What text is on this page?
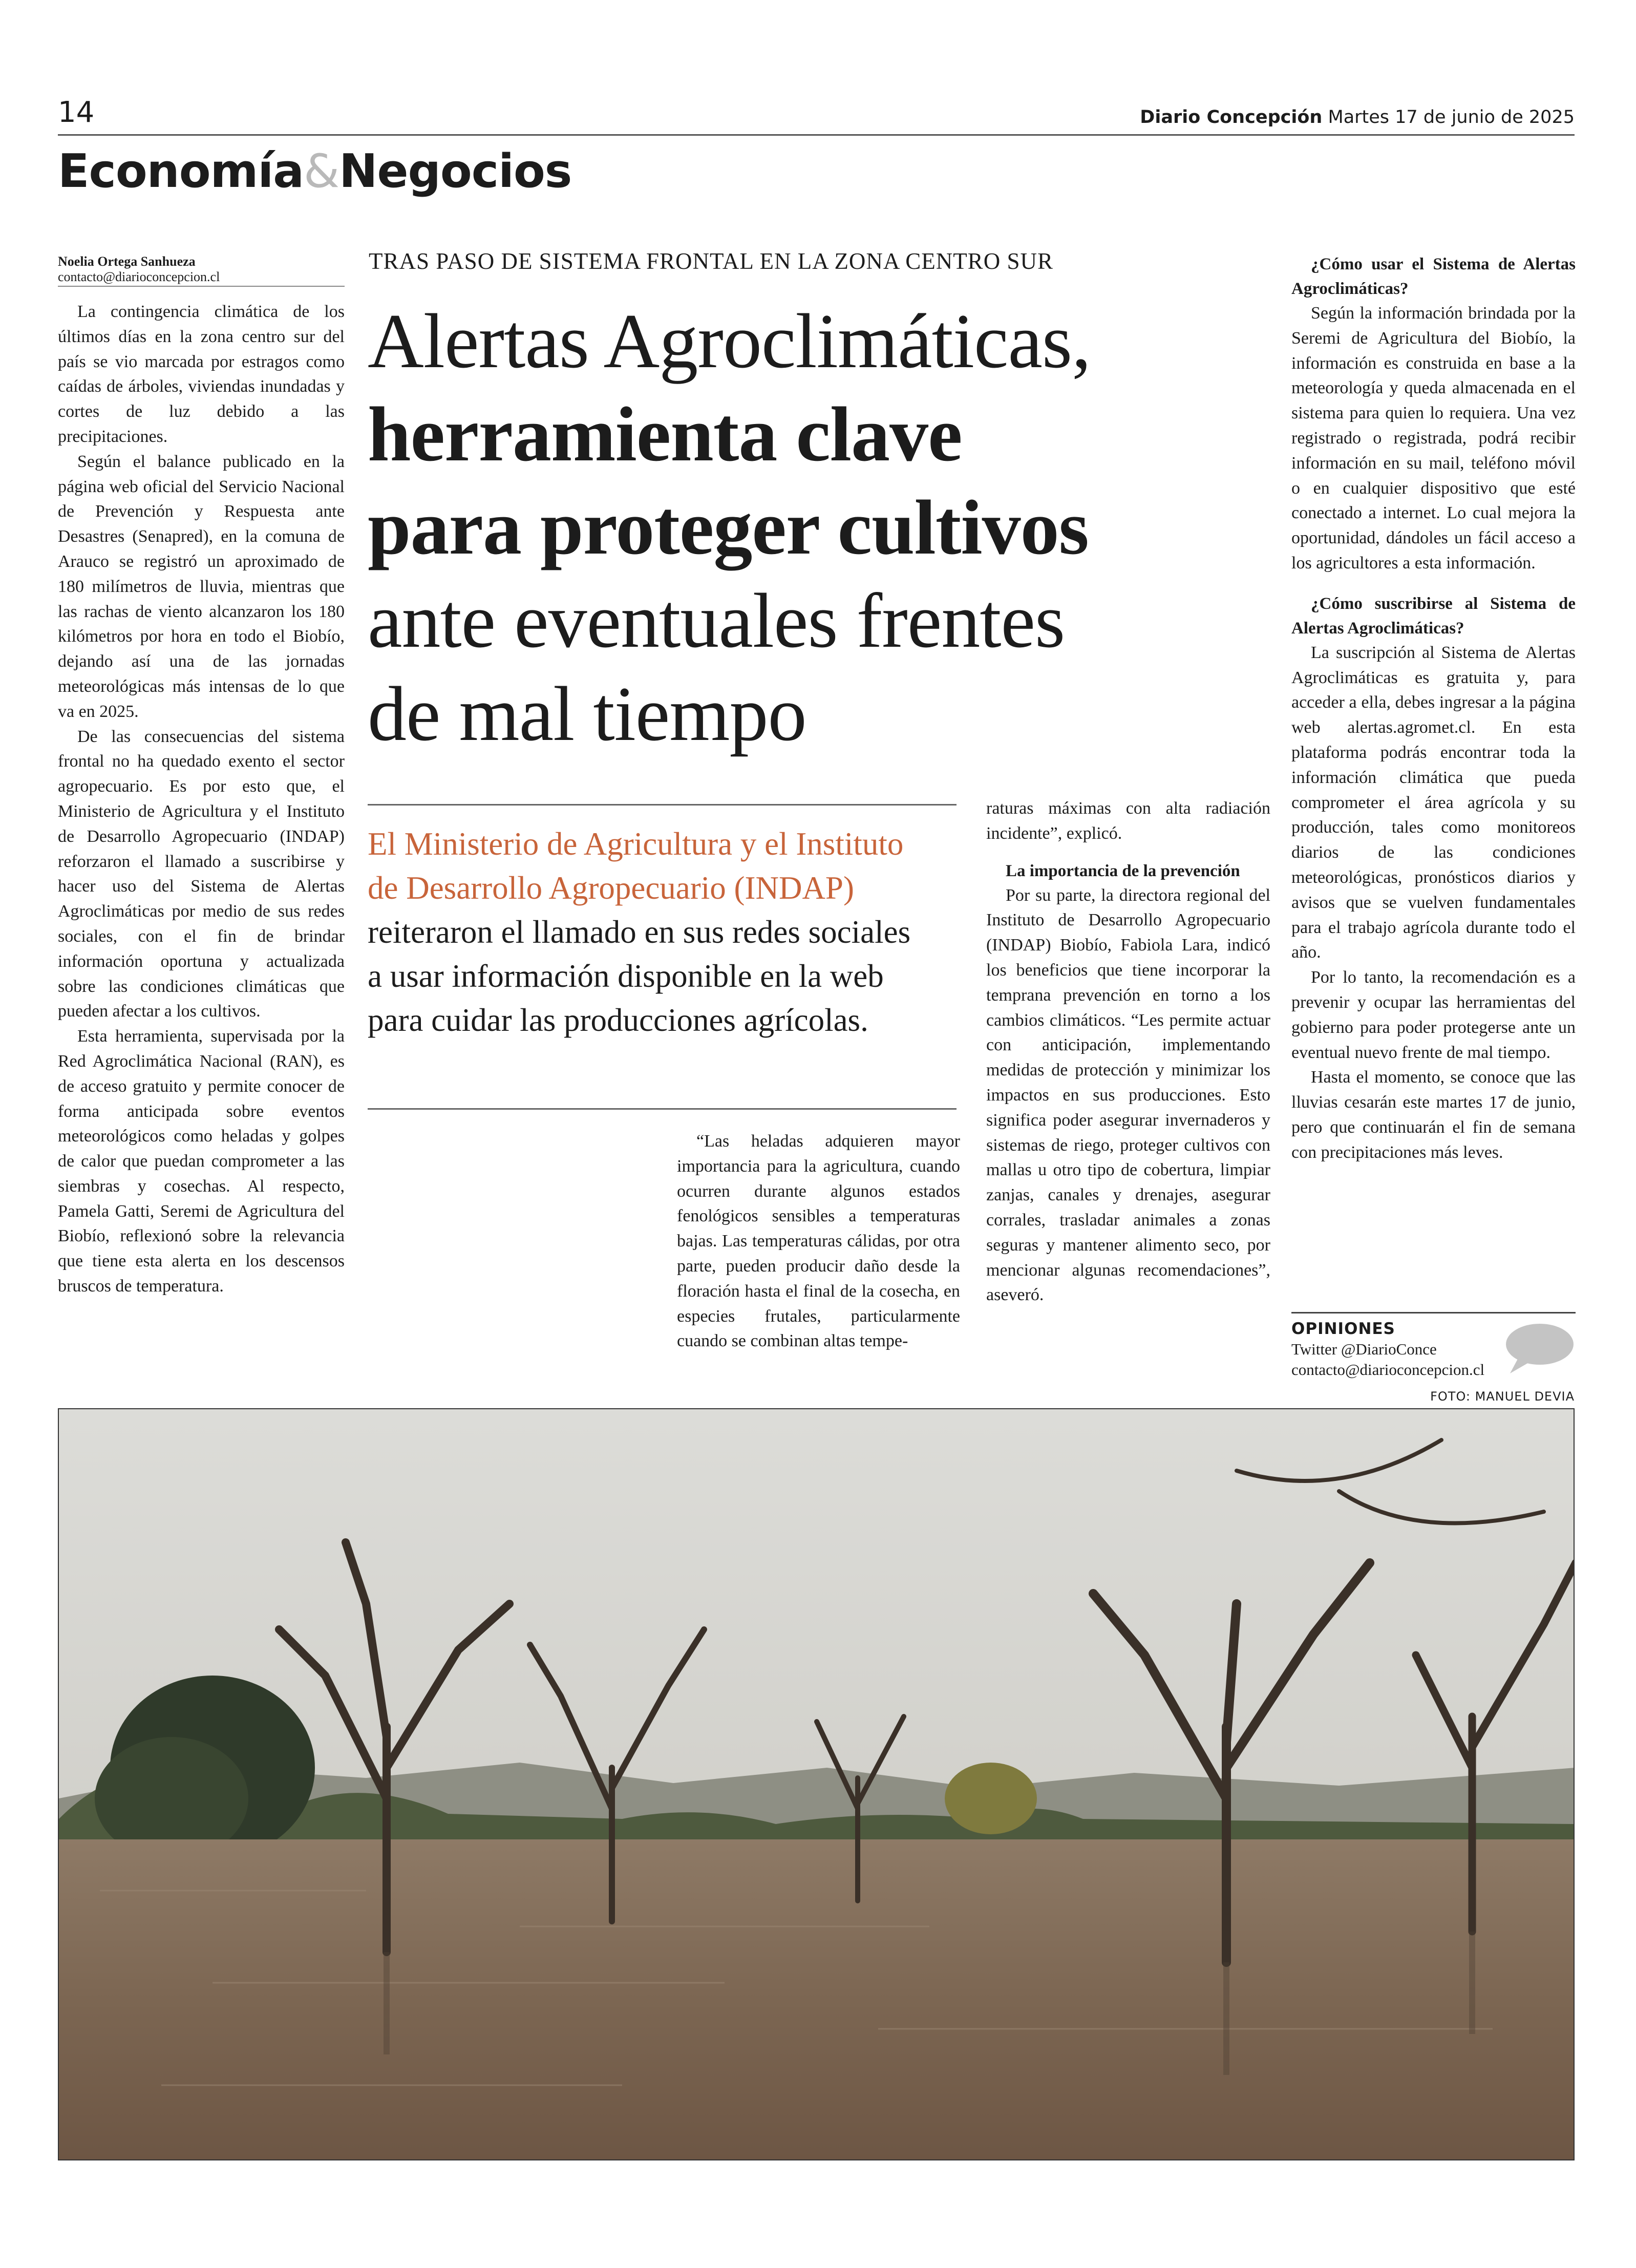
14	Diario Concepción Martes 17 de junio de 2025
Economía&Negocios
Noelia Ortega Sanhueza
contacto@diarioconcepcion.cl

La contingencia climática de los últimos días en la zona centro sur del país se vio marcada por estragos como caídas de árboles, viviendas inundadas y cortes de luz debido a las precipitaciones.

Según el balance publicado en la página web oficial del Servicio Nacional de Prevención y Respuesta ante Desastres (Senapred), en la comuna de Arauco se registró un aproximado de 180 milímetros de lluvia, mientras que las rachas de viento alcanzaron los 180 kilómetros por hora en todo el Biobío, dejando así una de las jornadas meteorológicas más intensas de lo que va en 2025.

De las consecuencias del sistema frontal no ha quedado exento el sector agropecuario. Es por esto que, el Ministerio de Agricultura y el Instituto de Desarrollo Agropecuario (INDAP) reforzaron el llamado a suscribirse y hacer uso del Sistema de Alertas Agroclimáticas por medio de sus redes sociales, con el fin de brindar información oportuna y actualizada sobre las condiciones climáticas que pueden afectar a los cultivos.

Esta herramienta, supervisada por la Red Agroclimática Nacional (RAN), es de acceso gratuito y permite conocer de forma anticipada sobre eventos meteorológicos como heladas y golpes de calor que puedan comprometer a las siembras y cosechas. Al respecto, Pamela Gatti, Seremi de Agricultura del Biobío, reflexionó sobre la relevancia que tiene esta alerta en los descensos bruscos de temperatura.

TRAS PASO DE SISTEMA FRONTAL EN LA ZONA CENTRO SUR
Alertas Agroclimáticas,
herramienta clave
para proteger cultivos
ante eventuales frentes
de mal tiempo
El Ministerio de Agricultura y el Instituto de Desarrollo Agropecuario (INDAP) reiteraron el llamado en sus redes sociales a usar información disponible en la web para cuidar las producciones agrícolas.

“Las heladas adquieren mayor importancia para la agricultura, cuando ocurren durante algunos estados fenológicos sensibles a temperaturas bajas. Las temperaturas cálidas, por otra parte, pueden producir daño desde la floración hasta el final de la cosecha, en especies frutales, particularmente cuando se combinan altas tempe-

raturas máximas con alta radiación incidente”, explicó.

La importancia de la prevención

Por su parte, la directora regional del Instituto de Desarrollo Agropecuario (INDAP) Biobío, Fabiola Lara, indicó los beneficios que tiene incorporar la temprana prevención en torno a los cambios climáticos. “Les permite actuar con anticipación, implementando medidas de protección y minimizar los impactos en sus producciones. Esto significa poder asegurar invernaderos y sistemas de riego, proteger cultivos con mallas u otro tipo de cobertura, limpiar zanjas, canales y drenajes, asegurar corrales, trasladar animales a zonas seguras y mantener alimento seco, por mencionar algunas recomendaciones”, aseveró.

¿Cómo usar el Sistema de Alertas Agroclimáticas?

Según la información brindada por la Seremi de Agricultura del Biobío, la información es construida en base a la meteorología y queda almacenada en el sistema para quien lo requiera. Una vez registrado o registrada, podrá recibir información en su mail, teléfono móvil o en cualquier dispositivo que esté conectado a internet. Lo cual mejora la oportunidad, dándoles un fácil acceso a los agricultores a esta información.

¿Cómo suscribirse al Sistema de Alertas Agroclimáticas?

La suscripción al Sistema de Alertas Agroclimáticas es gratuita y, para acceder a ella, debes ingresar a la página web alertas.agromet.cl. En esta plataforma podrás encontrar toda la información climática que pueda comprometer el área agrícola y su producción, tales como monitoreos diarios de las condiciones meteorológicas, pronósticos diarios y avisos que se vuelven fundamentales para el trabajo agrícola durante todo el año.

Por lo tanto, la recomendación es a prevenir y ocupar las herramientas del gobierno para poder protegerse ante un eventual nuevo frente de mal tiempo.

Hasta el momento, se conoce que las lluvias cesarán este martes 17 de junio, pero que continuarán el fin de semana con precipitaciones más leves.

OPINIONES
Twitter @DiarioConce
contacto@diarioconcepcion.cl
FOTO: MANUEL DEVIA
